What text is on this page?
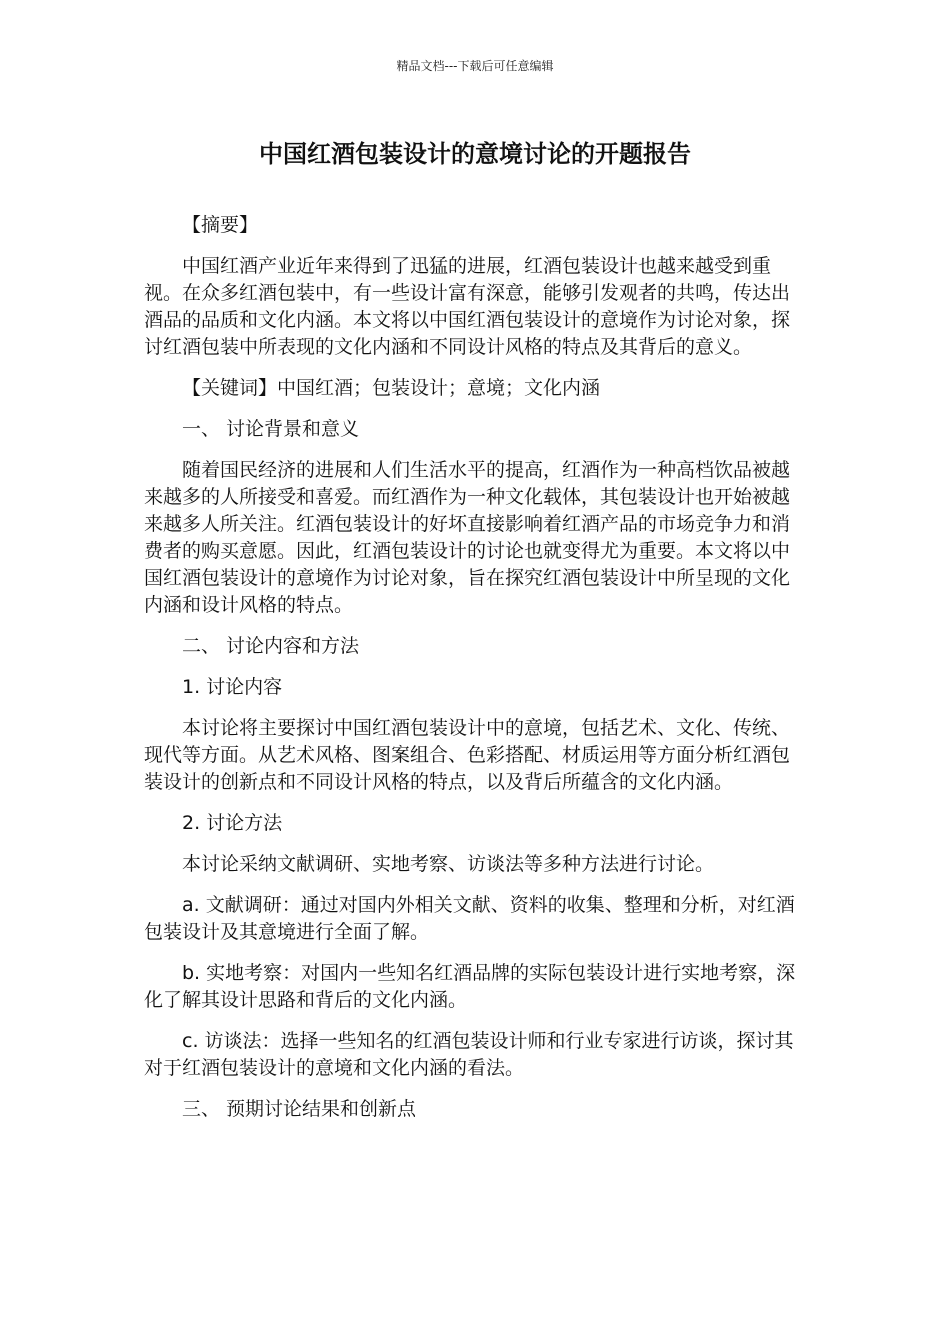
精品文档---下载后可任意编辑
中国红酒包装设计的意境讨论的开题报告

【摘要】

中国红酒产业近年来得到了迅猛的进展，红酒包装设计也越来越受到重视。在众多红酒包装中，有一些设计富有深意，能够引发观者的共鸣，传达出酒品的品质和文化内涵。本文将以中国红酒包装设计的意境作为讨论对象，探讨红酒包装中所表现的文化内涵和不同设计风格的特点及其背后的意义。

【关键词】中国红酒；包装设计；意境；文化内涵

一、 讨论背景和意义

随着国民经济的进展和人们生活水平的提高，红酒作为一种高档饮品被越来越多的人所接受和喜爱。而红酒作为一种文化载体，其包装设计也开始被越来越多人所关注。红酒包装设计的好坏直接影响着红酒产品的市场竞争力和消费者的购买意愿。因此，红酒包装设计的讨论也就变得尤为重要。本文将以中国红酒包装设计的意境作为讨论对象，旨在探究红酒包装设计中所呈现的文化内涵和设计风格的特点。

二、 讨论内容和方法

1. 讨论内容

本讨论将主要探讨中国红酒包装设计中的意境，包括艺术、文化、传统、现代等方面。从艺术风格、图案组合、色彩搭配、材质运用等方面分析红酒包装设计的创新点和不同设计风格的特点，以及背后所蕴含的文化内涵。

2. 讨论方法

本讨论采纳文献调研、实地考察、访谈法等多种方法进行讨论。

a. 文献调研：通过对国内外相关文献、资料的收集、整理和分析，对红酒包装设计及其意境进行全面了解。

b. 实地考察：对国内一些知名红酒品牌的实际包装设计进行实地考察，深化了解其设计思路和背后的文化内涵。

c. 访谈法：选择一些知名的红酒包装设计师和行业专家进行访谈，探讨其对于红酒包装设计的意境和文化内涵的看法。

三、 预期讨论结果和创新点
